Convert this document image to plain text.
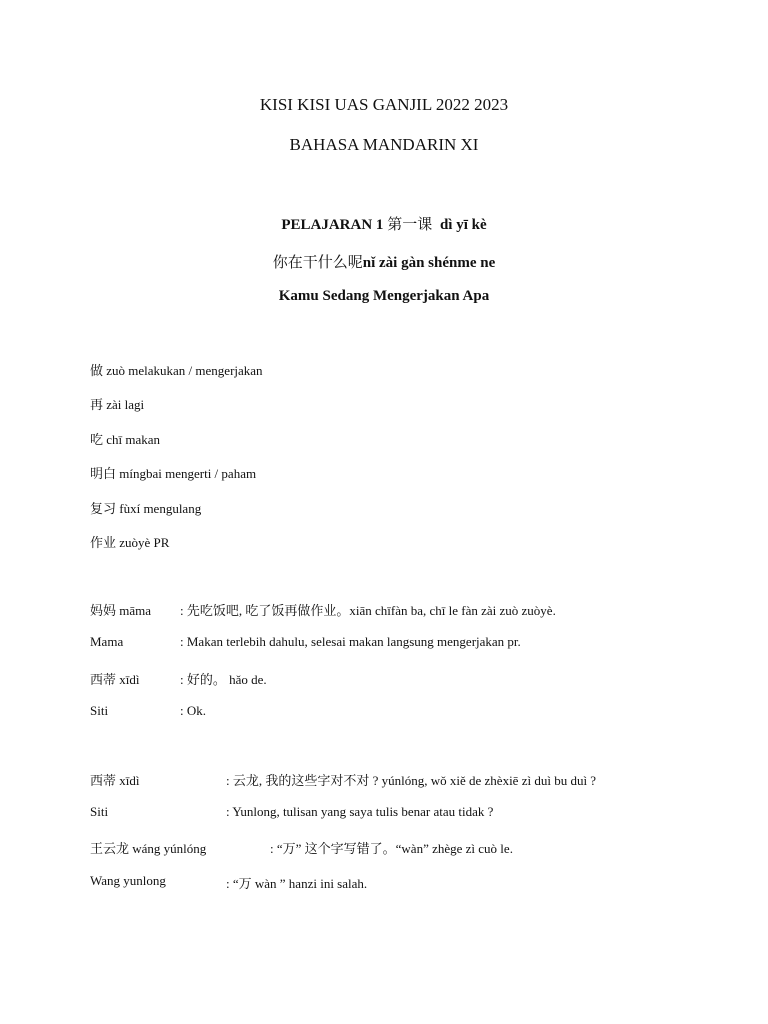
KISI KISI UAS GANJIL 2022 2023
BAHASA MANDARIN XI
PELAJARAN 1 第一课 dì yī kè
你在干什么呢nǐ zài gàn shénme ne
Kamu Sedang Mengerjakan Apa
做 zuò melakukan / mengerjakan
再 zài lagi
吃 chī makan
明白 míngbai mengerti / paham
复习 fùxí mengulang
作业 zuòyè PR
妈妈 māma : 先吃饭吧, 吃了饭再做作业。xiān chīfàn ba, chī le fàn zài zuò zuòyè.
Mama	: Makan terlebih dahulu, selesai makan langsung mengerjakan pr.
西蒂 xīdì	: 好的。 hǎo de.
Siti	: Ok.
西蒂 xīdì	: 云龙, 我的这些字对不对 ? yúnlóng, wǒ xiě de zhèxiē zì duì bu duì ?
Siti	: Yunlong, tulisan yang saya tulis benar atau tidak ?
王云龙 wáng yúnlóng	: “万” 这个字写错了。“wàn” zhège zì cuò le.
Wang yunlong	: “万 wàn ” hanzi ini salah.
